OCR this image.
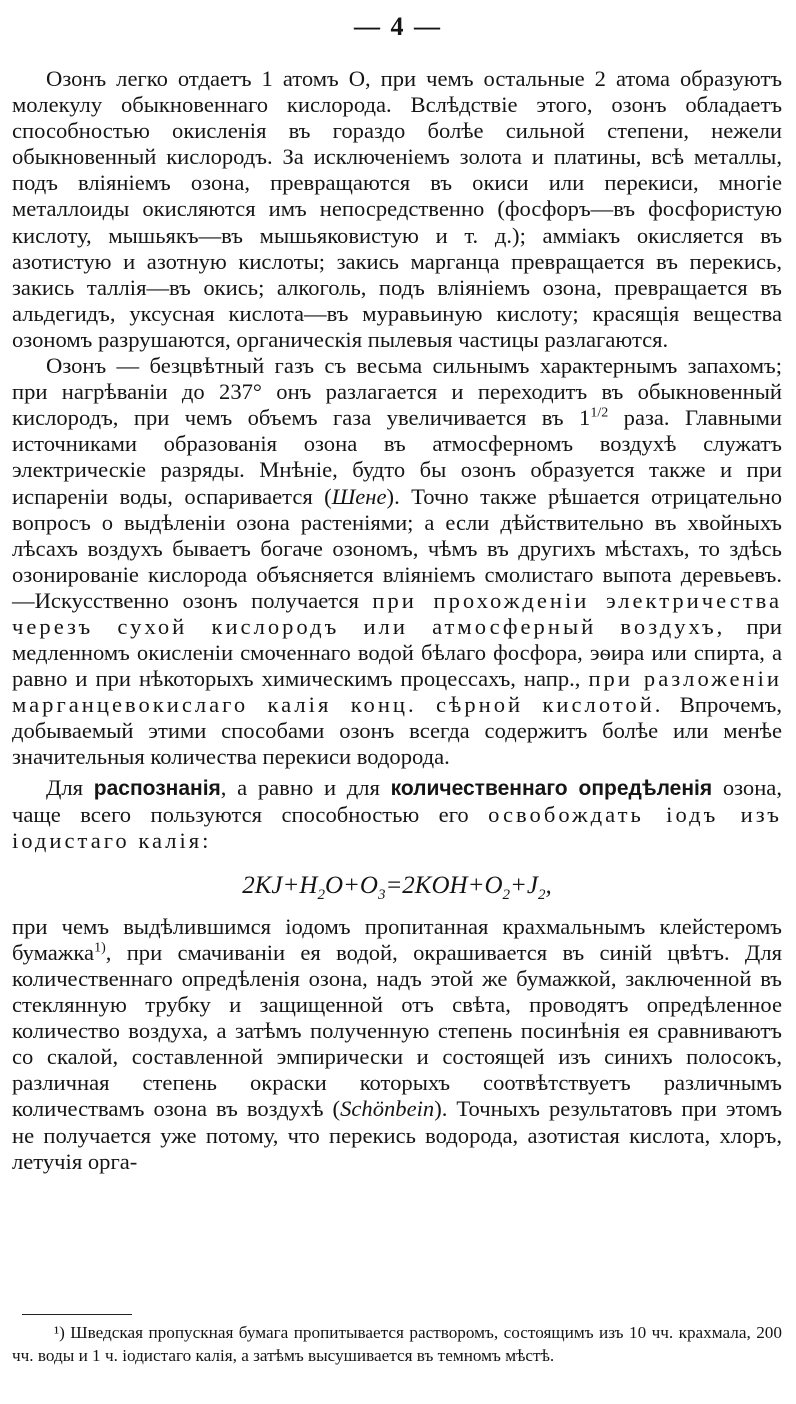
— 4 —

Озонъ легко отдаетъ 1 атомъ O, при чемъ остальные 2 атома образуютъ молекулу обыкновеннаго кислорода. Вслѣдствіе этого, озонъ обладаетъ способностью окисленія въ гораздо болѣе сильной степени, нежели обыкновенный кислородъ. За исключеніемъ золота и платины, всѣ металлы, подъ вліяніемъ озона, превращаются въ окиси или перекиси, многіе металлоиды окисляются имъ непосредственно (фосфоръ—въ фосфористую кислоту, мышьякъ—въ мышьяковистую и т. д.); аммiакъ окисляется въ азотистую и азотную кислоты; закись марганца превращается въ перекись, закись таллія—въ окись; алкоголь, подъ вліяніемъ озона, превращается въ альдегидъ, уксусная кислота—въ муравьиную кислоту; красящія вещества озономъ разрушаются, органическія пылевыя частицы разлагаются.

Озонъ — безцвѣтный газъ съ весьма сильнымъ характернымъ запахомъ; при нагрѣваніи до 237° онъ разлагается и переходитъ въ обыкновенный кислородъ, при чемъ объемъ газа увеличивается въ $1^{1/2}$ раза. Главными источниками образованія озона въ атмосферномъ воздухѣ служатъ электрическіе разряды. Мнѣніе, будто бы озонъ образуется также и при испареніи воды, оспаривается (Шене). Точно также рѣшается отрицательно вопросъ о выдѣленіи озона растеніями; а если дѣйствительно въ хвойныхъ лѣсахъ воздухъ бываетъ богаче озономъ, чѣмъ въ другихъ мѣстахъ, то здѣсь озонированіе кислорода объясняется вліяніемъ смолистаго выпота деревьевъ.—Искусственно озонъ получается при прохожденіи электричества черезъ сухой кислородъ или атмосферный воздухъ, при медленномъ окисленіи смоченнаго водой бѣлаго фосфора, эѳира или спирта, а равно и при нѣкоторыхъ химическимъ процессахъ, напр., при разложеніи марганцевокислаго калія конц. сѣрной кислотой. Впрочемъ, добываемый этими способами озонъ всегда содержитъ болѣе или менѣе значительныя количества перекиси водорода.

Для распознанія, а равно и для количественнаго опредѣленія озона, чаще всего пользуются способностью его освобождать іодъ изъ іодистаго калія:

$2KJ+H_2O+O_3=2KOH+O_2+J_2$,

при чемъ выдѣлившимся іодомъ пропитанная крахмальнымъ клейстеромъ бумажка$^{1)}$, при смачиваніи ея водой, окрашивается въ синій цвѣтъ. Для количественнаго опредѣленія озона, надъ этой же бумажкой, заключенной въ стеклянную трубку и защищенной отъ свѣта, проводятъ опредѣленное количество воздуха, а затѣмъ полученную степень посинѣнія ея сравниваютъ со скалой, составленной эмпирически и состоящей изъ синихъ полосокъ, различная степень окраски которыхъ соотвѣтствуетъ различнымъ количествамъ озона въ воздухѣ (Schönbein). Точныхъ результатовъ при этомъ не получается уже потому, что перекись водорода, азотистая кислота, хлоръ, летучія орга-

¹) Шведская пропускная бумага пропитывается растворомъ, состоящимъ изъ 10 чч. крахмала, 200 чч. воды и 1 ч. іодистаго калія, а затѣмъ высушивается въ темномъ мѣстѣ.
